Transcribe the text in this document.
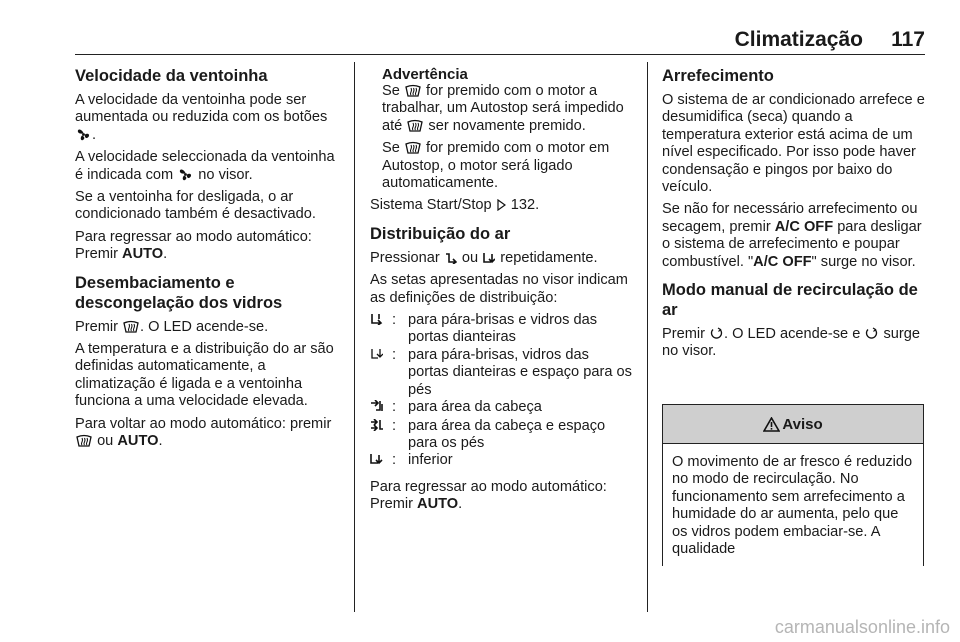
Climatização 117
Velocidade da ventoinha

A velocidade da ventoinha pode ser aumentada ou reduzida com os botões .

A velocidade seleccionada da ventoinha é indicada com no visor.

Se a ventoinha for desligada, o ar condicionado também é desactivado.

Para regressar ao modo automático: Premir AUTO.

Desembaciamento e descongelação dos vidros

Premir . O LED acende-se.

A temperatura e a distribuição do ar são definidas automaticamente, a climatização é ligada e a ventoinha funciona a uma velocidade elevada.

Para voltar ao modo automático: premir  ou AUTO.

Advertência

Se for premido com o motor a trabalhar, um Autostop será impedido até ser novamente premido.

Se for premido com o motor em Autostop, o motor será ligado automaticamente.

Sistema Start/Stop 132.

Distribuição do ar

Pressionar ou repetidamente.

As setas apresentadas no visor indicam as definições de distribuição:

: para pára-brisas e vidros das portas dianteiras
: para pára-brisas, vidros das portas dianteiras e espaço para os pés
: para área da cabeça
: para área da cabeça e espaço para os pés
: inferior

Para regressar ao modo automático: Premir AUTO.

Arrefecimento

O sistema de ar condicionado arrefece e desumidifica (seca) quando a temperatura exterior está acima de um nível especificado. Por isso pode haver condensação e pingos por baixo do veículo.

Se não for necessário arrefecimento ou secagem, premir A/C OFF para desligar o sistema de arrefecimento e poupar combustível. "A/C OFF" surge no visor.

Modo manual de recirculação de ar

Premir . O LED acende-se e surge no visor.

Aviso

O movimento de ar fresco é reduzido no modo de recirculação. No funcionamento sem arrefecimento a humidade do ar aumenta, pelo que os vidros podem embaciar-se. A qualidade

carmanualsonline.info
